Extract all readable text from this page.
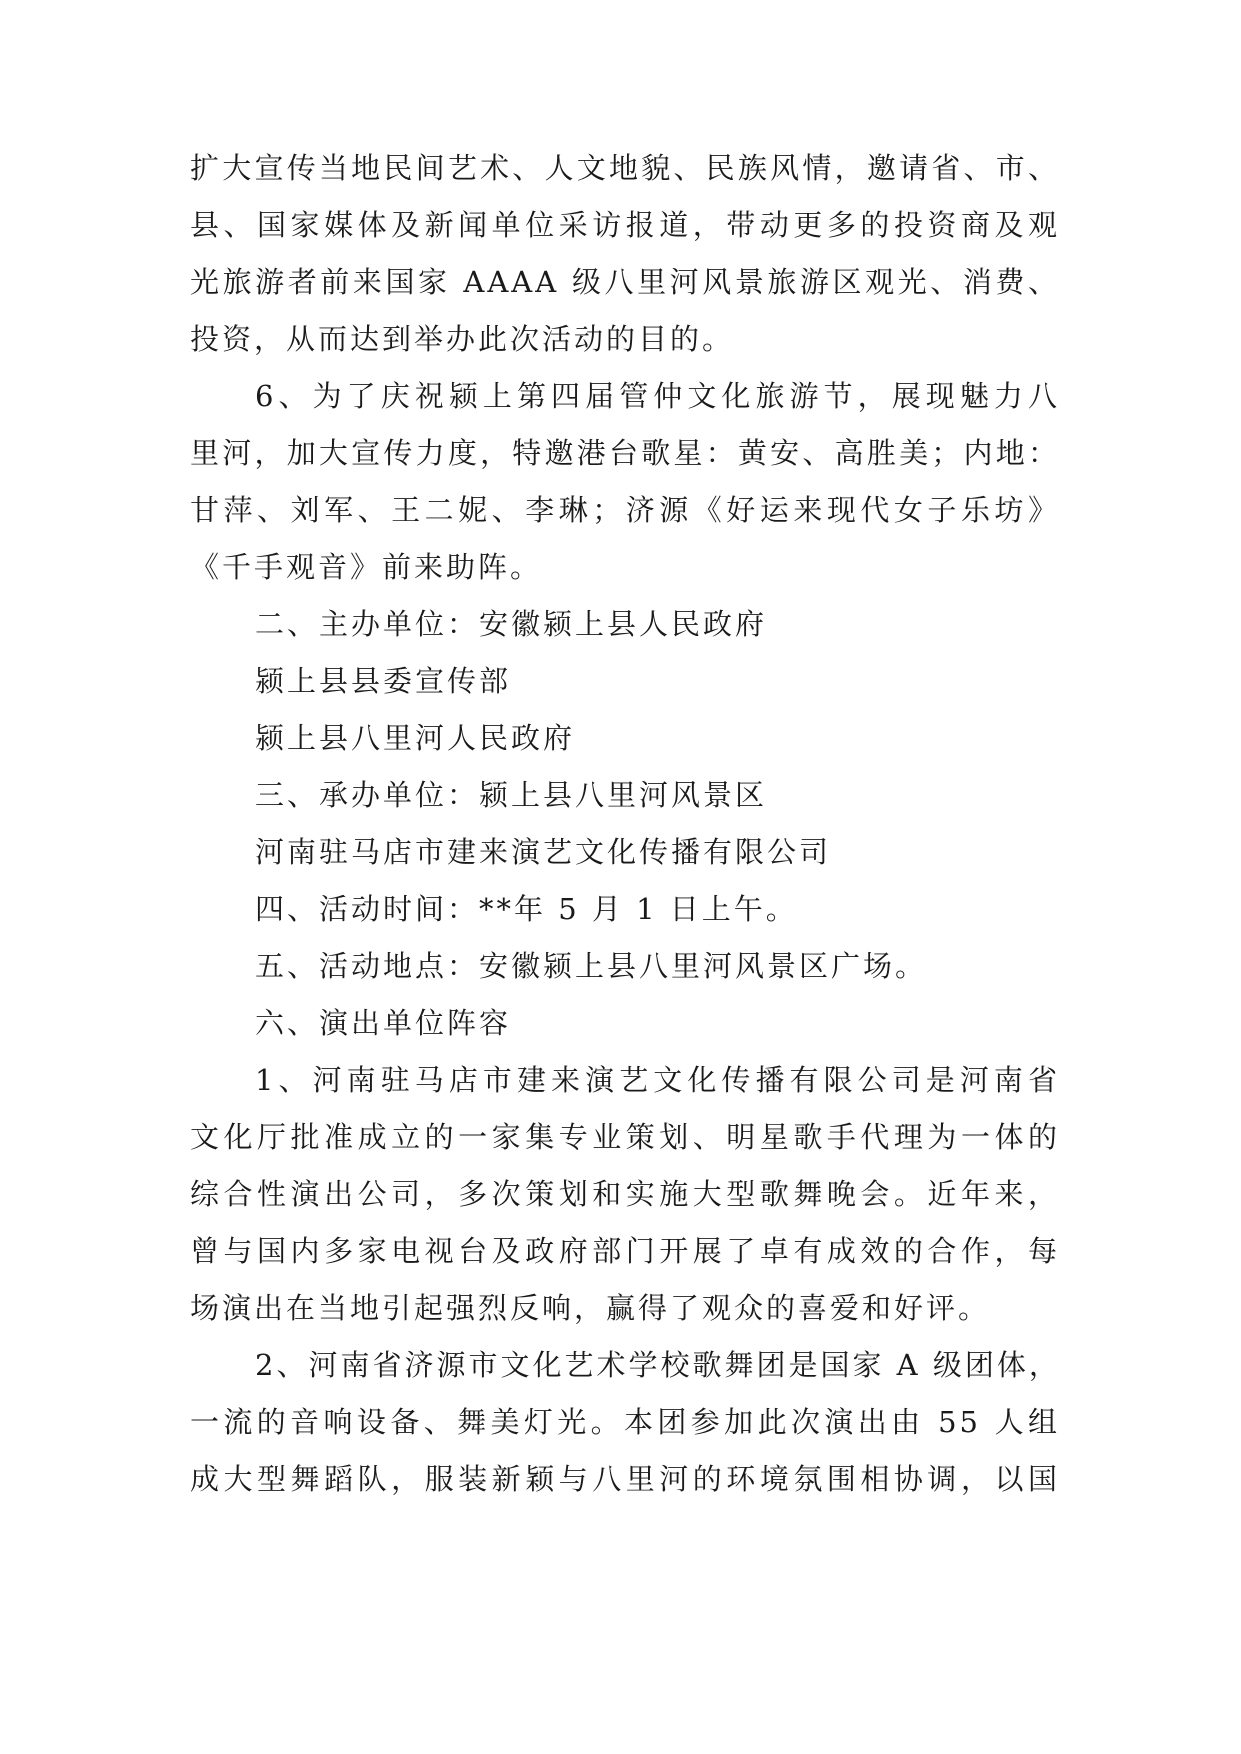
扩大宣传当地民间艺术、人文地貌、民族风情，邀请省、市、
县、国家媒体及新闻单位采访报道，带动更多的投资商及观
光旅游者前来国家 AAAA 级八里河风景旅游区观光、消费、
投资，从而达到举办此次活动的目的。
6、为了庆祝颍上第四届管仲文化旅游节，展现魅力八
里河，加大宣传力度，特邀港台歌星：黄安、高胜美；内地：
甘萍、刘军、王二妮、李琳；济源《好运来现代女子乐坊》
《千手观音》前来助阵。
二、主办单位：安徽颍上县人民政府
颍上县县委宣传部
颍上县八里河人民政府
三、承办单位：颍上县八里河风景区
河南驻马店市建来演艺文化传播有限公司
四、活动时间：**年 5 月 1 日上午。
五、活动地点：安徽颍上县八里河风景区广场。
六、演出单位阵容
1、河南驻马店市建来演艺文化传播有限公司是河南省
文化厅批准成立的一家集专业策划、明星歌手代理为一体的
综合性演出公司，多次策划和实施大型歌舞晚会。近年来，
曾与国内多家电视台及政府部门开展了卓有成效的合作，每
场演出在当地引起强烈反响，赢得了观众的喜爱和好评。
2、河南省济源市文化艺术学校歌舞团是国家 A 级团体，
一流的音响设备、舞美灯光。本团参加此次演出由 55 人组
成大型舞蹈队，服装新颖与八里河的环境氛围相协调，以国
